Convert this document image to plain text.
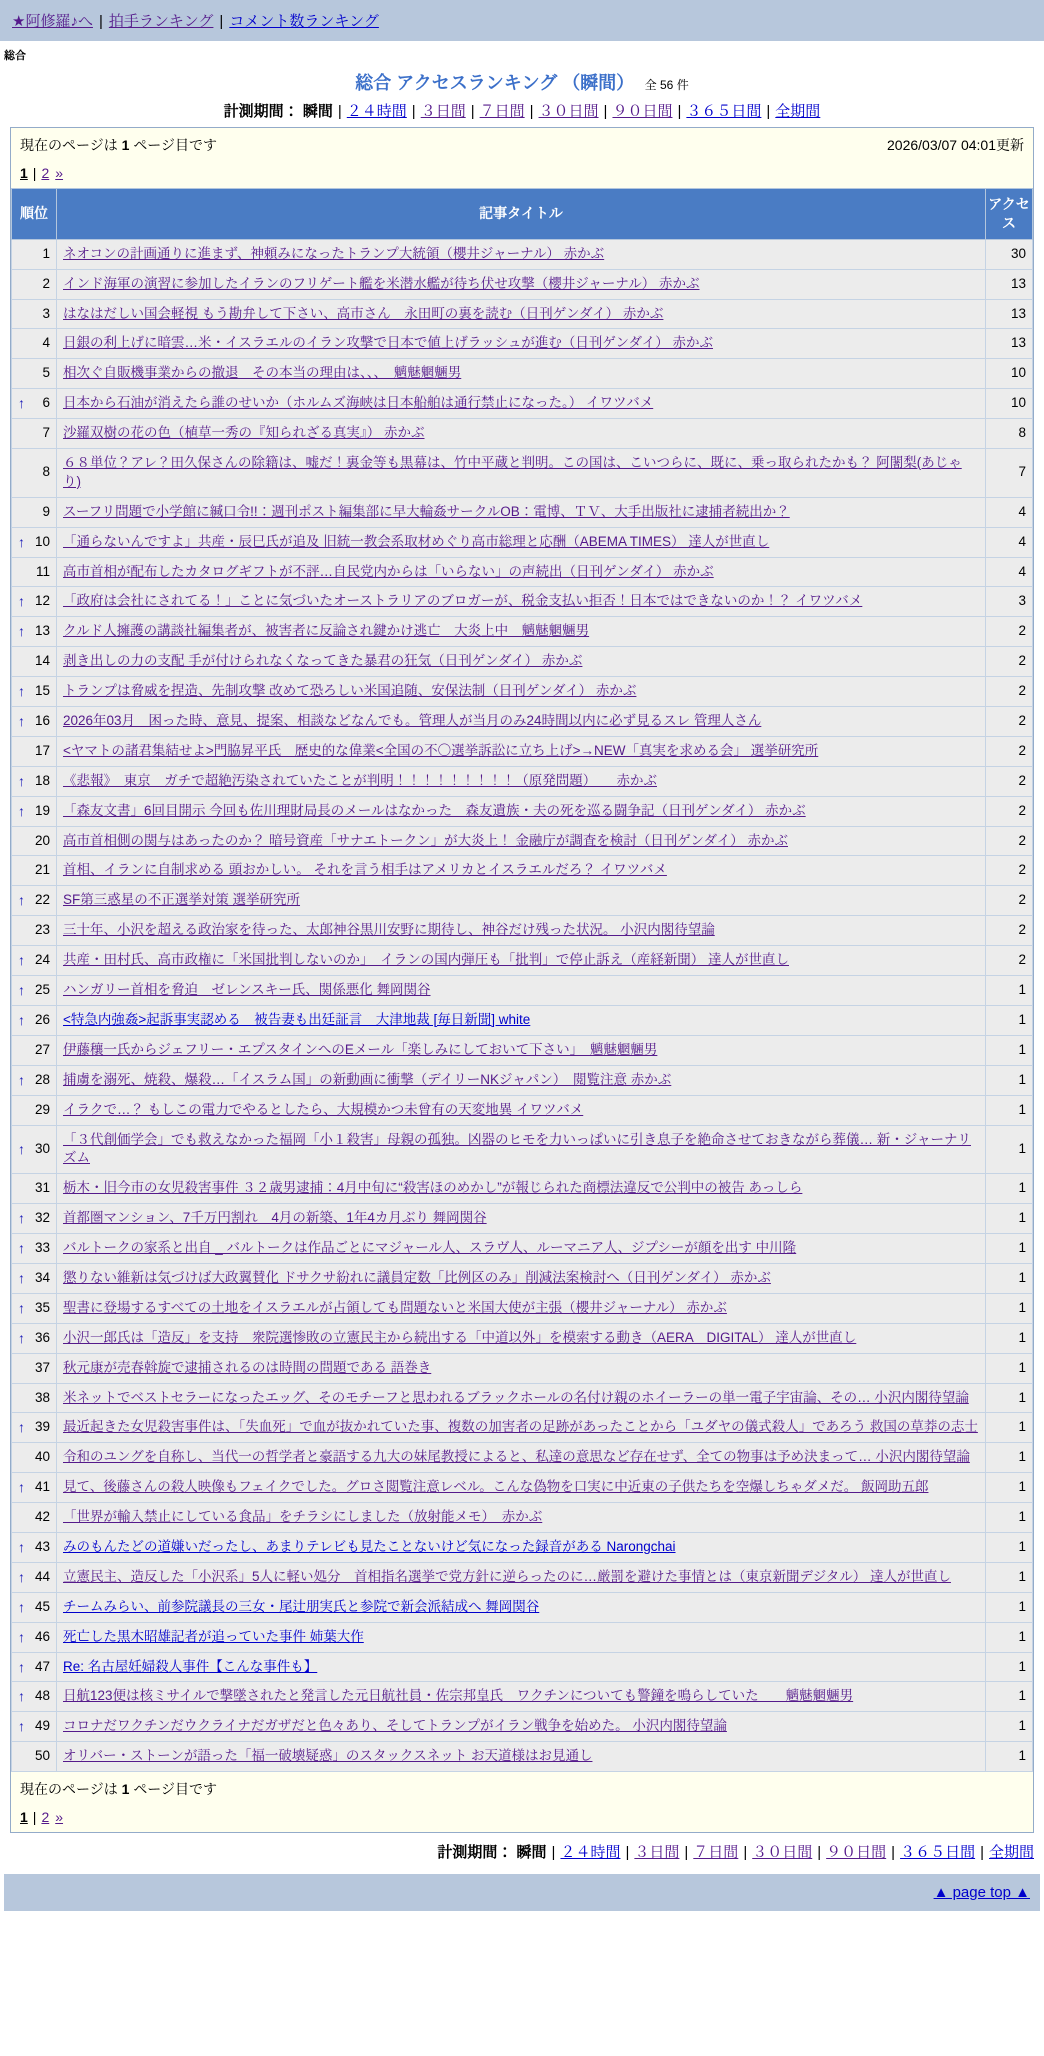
★阿修羅♪へ | 拍手ランキング | コメント数ランキング
総合
総合 アクセスランキング （瞬間） 全 56 件
計測期間： 瞬間 | ２４時間 | ３日間 | ７日間 | ３０日間 | ９０日間 | ３６５日間 | 全期間
現在のページは 1 ページ目です	2026/03/07 04:01更新
1 | 2 »
順位	記事タイトル	アクセス
1	ネオコンの計画通りに進まず、神頼みになったトランプ大統領（櫻井ジャーナル） 赤かぶ	30
2	インド海軍の演習に参加したイランのフリゲート艦を米潜水艦が待ち伏せ攻撃（櫻井ジャーナル） 赤かぶ	13
3	はなはだしい国会軽視 もう勘弁して下さい、高市さん　永田町の裏を読む（日刊ゲンダイ） 赤かぶ	13
4	日銀の利上げに暗雲…米・イスラエルのイラン攻撃で日本で値上げラッシュが進む（日刊ゲンダイ） 赤かぶ	13
5	相次ぐ自販機事業からの撤退　その本当の理由は、、、　魑魅魍魎男	10

↑ 6	日本から石油が消えたら誰のせいか（ホルムズ海峡は日本船舶は通行禁止になった。） イワツバメ	10
7	沙羅双樹の花の色（植草一秀の『知られざる真実』） 赤かぶ	8
8	６８単位？アレ？田久保さんの除籍は、嘘だ！裏金等も黒幕は、竹中平蔵と判明。この国は、こいつらに、既に、乗っ取られたかも？ 阿闍梨(あじゃり)	7
9	スーフリ問題で小学館に緘口令!!：週刊ポスト編集部に早大輪姦サークルOB：電博、ＴＶ、大手出版社に逮捕者続出か？	4

↑ 10	「通らないんですよ」共産・辰巳氏が追及 旧統一教会系取材めぐり高市総理と応酬（ABEMA TIMES） 達人が世直し	4
11	高市首相が配布したカタログギフトが不評…自民党内からは「いらない」の声続出（日刊ゲンダイ） 赤かぶ	4

↑ 12	「政府は会社にされてる！」ことに気づいたオーストラリアのブロガーが、税金支払い拒否！日本ではできないのか！？ イワツバメ	3

↑ 13	クルド人擁護の講談社編集者が、被害者に反論され鍵かけ逃亡　大炎上中　魑魅魍魎男	2
14	剥き出しの力の支配 手が付けられなくなってきた暴君の狂気（日刊ゲンダイ） 赤かぶ	2

↑ 15	トランプは脅威を捏造、先制攻撃 改めて恐ろしい米国追随、安保法制（日刊ゲンダイ） 赤かぶ	2

↑ 16	2026年03月　困った時、意見、提案、相談などなんでも。管理人が当月のみ24時間以内に必ず見るスレ 管理人さん	2
17	<ヤマトの諸君集結せよ>門脇昇平氏　歴史的な偉業<全国の不〇選挙訴訟に立ち上げ>→NEW「真実を求める会」 選挙研究所	2

↑ 18	《悲報》　東京　ガチで超絶汚染されていたことが判明！！！！！！！！！（原発問題）　　赤かぶ	2

↑ 19	「森友文書」6回目開示 今回も佐川理財局長のメールはなかった　森友遺族・夫の死を巡る闘争記（日刊ゲンダイ） 赤かぶ	2
20	高市首相側の関与はあったのか？ 暗号資産「サナエトークン」が大炎上！ 金融庁が調査を検討（日刊ゲンダイ） 赤かぶ	2
21	首相、イランに自制求める 頭おかしい。 それを言う相手はアメリカとイスラエルだろ？ イワツバメ	2

↑ 22	SF第三惑星の不正選挙対策 選挙研究所	2
23	三十年、小沢を超える政治家を待った、太郎神谷黒川安野に期待し、神谷だけ残った状況。 小沢内閣待望論	2

↑ 24	共産・田村氏、高市政権に「米国批判しないのか」　イランの国内弾圧も「批判」で停止訴え（産経新聞） 達人が世直し	2

↑ 25	ハンガリー首相を脅迫　ゼレンスキー氏、関係悪化 舞岡関谷	1

↑ 26	<特急内強姦>起訴事実認める　被告妻も出廷証言　大津地裁 [毎日新聞] white	1
27	伊藤穰一氏からジェフリー・エプスタインへのEメール「楽しみにしておいて下さい」　魑魅魍魎男	1

↑ 28	捕虜を溺死、焼殺、爆殺…「イスラム国」の新動画に衝撃（デイリーNKジャパン）　閲覧注意 赤かぶ	1
29	イラクで…？ もしこの電力でやるとしたら、大規模かつ未曾有の天変地異 イワツバメ	1

↑ 30	「３代創価学会」でも救えなかった福岡「小１殺害」母親の孤独。凶器のヒモを力いっぱいに引き息子を絶命させておきながら葬儀… 新・ジャーナリズム	1
31	栃木・旧今市の女児殺害事件 ３２歳男逮捕：4月中旬に“殺害ほのめかし”が報じられた商標法違反で公判中の被告 あっしら	1

↑ 32	首都圏マンション、7千万円割れ　4月の新築、1年4カ月ぶり 舞岡関谷	1

↑ 33	バルトークの家系と出自 _ バルトークは作品ごとにマジャール人、スラヴ人、ルーマニア人、ジプシーが顔を出す 中川隆	1

↑ 34	懲りない維新は気づけば大政翼賛化 ドサクサ紛れに議員定数「比例区のみ」削減法案検討へ（日刊ゲンダイ） 赤かぶ	1

↑ 35	聖書に登場するすべての土地をイスラエルが占領しても問題ないと米国大使が主張（櫻井ジャーナル） 赤かぶ	1

↑ 36	小沢一郎氏は「造反」を支持　衆院選惨敗の立憲民主から続出する「中道以外」を模索する動き（AERA　DIGITAL） 達人が世直し	1
37	秋元康が売春斡旋で逮捕されるのは時間の問題である 語巻き	1
38	米ネットでベストセラーになったエッグ、そのモチーフと思われるブラックホールの名付け親のホイーラーの単一電子宇宙論、その… 小沢内閣待望論	1

↑ 39	最近起きた女児殺害事件は、「失血死」で血が抜かれていた事、複数の加害者の足跡があったことから「ユダヤの儀式殺人」であろう 救国の草莽の志士	1
40	令和のユングを自称し、当代一の哲学者と豪語する九大の妹尾教授によると、私達の意思など存在せず、全ての物事は予め決まって… 小沢内閣待望論	1

↑ 41	見て、後藤さんの殺人映像もフェイクでした。グロさ閲覧注意レベル。こんな偽物を口実に中近東の子供たちを空爆しちゃダメだ。 飯岡助五郎	1
42	「世界が輸入禁止にしている食品」をチラシにしました（放射能メモ）　赤かぶ	1

↑ 43	みのもんたどの道嫌いだったし、あまりテレビも見たことないけど気になった録音がある Narongchai	1

↑ 44	立憲民主、造反した「小沢系」5人に軽い処分　首相指名選挙で党方針に逆らったのに…厳罰を避けた事情とは（東京新聞デジタル） 達人が世直し	1

↑ 45	チームみらい、前参院議長の三女・尾辻朋実氏と参院で新会派結成へ 舞岡関谷	1

↑ 46	死亡した黒木昭雄記者が追っていた事件 姉葉大作	1

↑ 47	Re: 名古屋妊婦殺人事件【こんな事件も】	1

↑ 48	日航123便は核ミサイルで撃墜されたと発言した元日航社員・佐宗邦皇氏　ワクチンについても警鐘を鳴らしていた　　魑魅魍魎男	1

↑ 49	コロナだワクチンだウクライナだガザだと色々あり、そしてトランプがイラン戦争を始めた。 小沢内閣待望論	1
50	オリバー・ストーンが語った「福一破壊疑惑」のスタックスネット お天道様はお見通し	1
現在のページは 1 ページ目です
1 | 2 »
計測期間： 瞬間 | ２４時間 | ３日間 | ７日間 | ３０日間 | ９０日間 | ３６５日間 | 全期間
▲ page top ▲
